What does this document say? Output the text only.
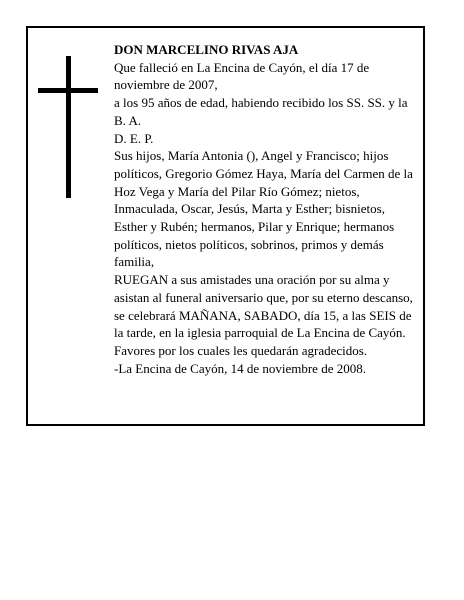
DON MARCELINO RIVAS AJA

Que falleció en La Encina de Cayón, el día 17 de noviembre de 2007,

a los 95 años de edad, habiendo recibido los SS. SS. y la B. A.

D. E. P.

Sus hijos, María Antonia (), Angel y Francisco; hijos políticos, Gregorio Gómez Haya, María del Carmen de la Hoz Vega y María del Pilar Río Gómez; nietos, Inmaculada, Oscar, Jesús, Marta y Esther; bisnietos, Esther y Rubén; hermanos, Pilar y Enrique; hermanos políticos, nietos políticos, sobrinos, primos y demás familia,

RUEGAN a sus amistades una oración por su alma y asistan al funeral aniversario que, por su eterno descanso, se celebrará MAÑANA, SABADO, día 15, a las SEIS de la tarde, en la iglesia parroquial de La Encina de Cayón. Favores por los cuales les quedarán agradecidos.

-La Encina de Cayón, 14 de noviembre de 2008.
